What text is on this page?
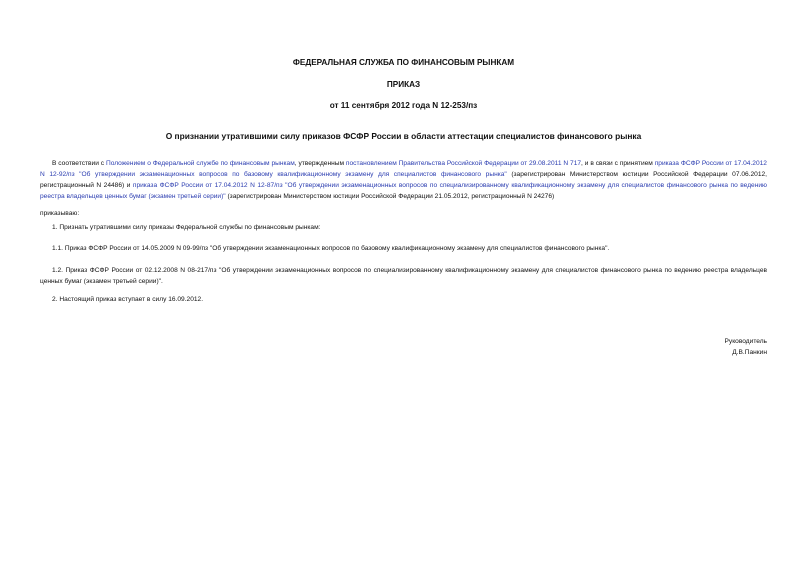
ФЕДЕРАЛЬНАЯ СЛУЖБА ПО ФИНАНСОВЫМ РЫНКАМ
ПРИКАЗ
от 11 сентября 2012 года N 12-253/пз
О признании утратившими силу приказов ФСФР России в области аттестации специалистов финансового рынка
В соответствии с Положением о Федеральной службе по финансовым рынкам, утвержденным постановлением Правительства Российской Федерации от 29.08.2011 N 717, и в связи с принятием приказа ФСФР России от 17.04.2012 N 12-92/пз "Об утверждении экзаменационных вопросов по базовому квалификационному экзамену для специалистов финансового рынка" (зарегистрирован Министерством юстиции Российской Федерации 07.06.2012, регистрационный N 24486) и приказа ФСФР России от 17.04.2012 N 12-87/пз "Об утверждении экзаменационных вопросов по специализированному квалификационному экзамену для специалистов финансового рынка по ведению реестра владельцев ценных бумаг (экзамен третьей серии)" (зарегистрирован Министерством юстиции Российской Федерации 21.05.2012, регистрационный N 24276)
приказываю:
1. Признать утратившими силу приказы Федеральной службы по финансовым рынкам:
1.1. Приказ ФСФР России от 14.05.2009 N 09-99/пз "Об утверждении экзаменационных вопросов по базовому квалификационному экзамену для специалистов финансового рынка".
1.2. Приказ ФСФР России от 02.12.2008 N 08-217/пз "Об утверждении экзаменационных вопросов по специализированному квалификационному экзамену для специалистов финансового рынка по ведению реестра владельцев ценных бумаг (экзамен третьей серии)".
2. Настоящий приказ вступает в силу 16.09.2012.
Руководитель
Д.В.Панкин
